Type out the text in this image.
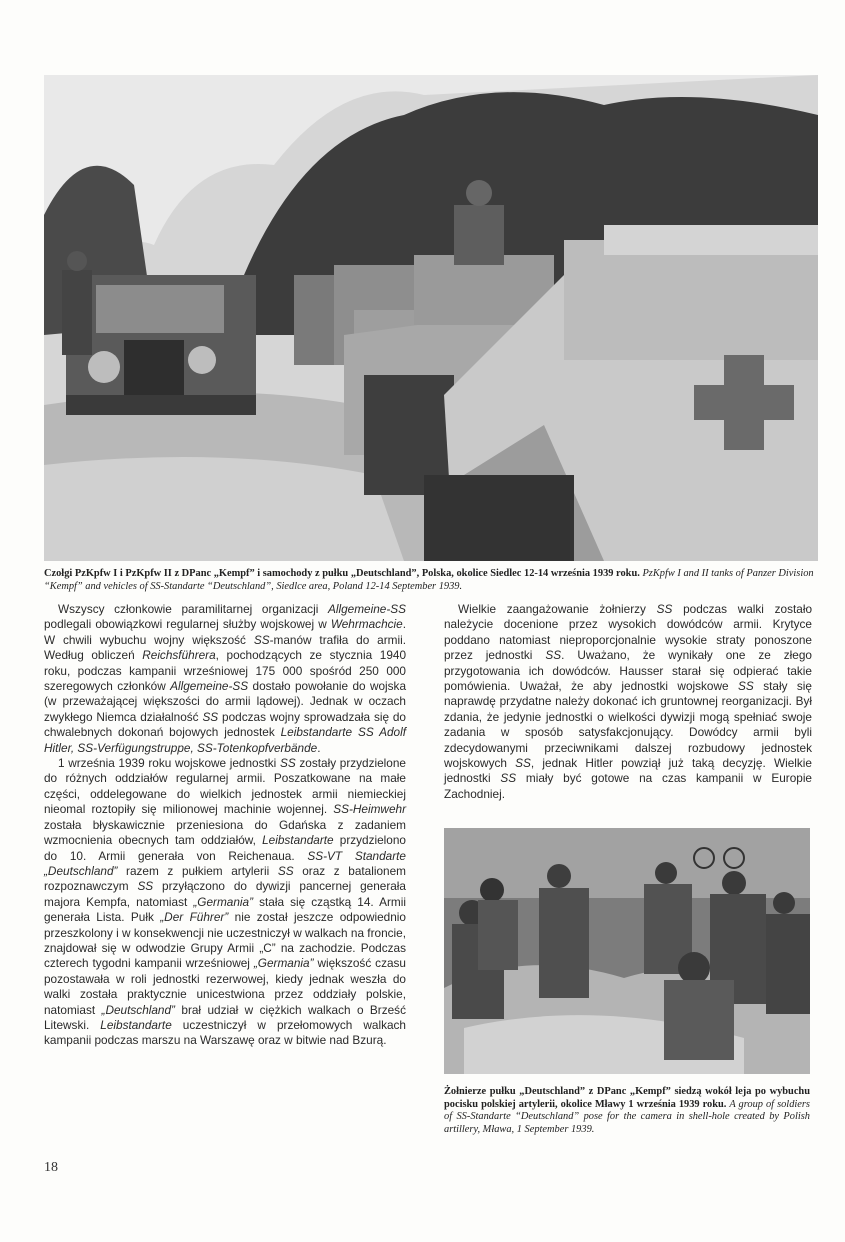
Czołgi PzKpfw I i PzKpfw II z DPanc „Kempf” i samochody z pułku „Deutschland”, Polska, okolice Siedlec 12-14 września 1939 roku. PzKpfw I and II tanks of Panzer Division “Kempf” and vehicles of SS-Standarte “Deutschland”, Siedlce area, Poland 12-14 September 1939.

Wszyscy członkowie paramilitarnej organizacji Allgemeine-SS podlegali obowiązkowi regularnej służby wojskowej w Wehrmachcie. W chwili wybuchu wojny większość SS-manów trafiła do armii. Według obliczeń Reichsführera, pochodzących ze stycznia 1940 roku, podczas kampanii wrześniowej 175 000 spośród 250 000 szeregowych członków Allgemeine-SS dostało powołanie do wojska (w przeważającej większości do armii lądowej). Jednak w oczach zwykłego Niemca działalność SS podczas wojny sprowadzała się do chwalebnych dokonań bojowych jednostek Leibstandarte SS Adolf Hitler, SS-Verfügungstruppe, SS-Totenkopfverbände.

1 września 1939 roku wojskowe jednostki SS zostały przydzielone do różnych oddziałów regularnej armii. Poszatkowane na małe części, oddelegowane do wielkich jednostek armii niemieckiej nieomal roztopiły się milionowej machinie wojennej. SS-Heimwehr została błyskawicznie przeniesiona do Gdańska z zadaniem wzmocnienia obecnych tam oddziałów, Leibstandarte przydzielono do 10. Armii generała von Reichenaua. SS-VT Standarte „Deutschland” razem z pułkiem artylerii SS oraz z batalionem rozpoznawczym SS przyłączono do dywizji pancernej generała majora Kempfa, natomiast „Germania” stała się cząstką 14. Armii generała Lista. Pułk „Der Führer” nie został jeszcze odpowiednio przeszkolony i w konsekwencji nie uczestniczył w walkach na froncie, znajdował się w odwodzie Grupy Armii „C” na zachodzie. Podczas czterech tygodni kampanii wrześniowej „Germania” większość czasu pozostawała w roli jednostki rezerwowej, kiedy jednak weszła do walki została praktycznie unicestwiona przez oddziały polskie, natomiast „Deutschland” brał udział w ciężkich walkach o Brześć Litewski. Leibstandarte uczestniczył w przełomowych walkach kampanii podczas marszu na Warszawę oraz w bitwie nad Bzurą.

Wielkie zaangażowanie żołnierzy SS podczas walki zostało należycie docenione przez wysokich dowódców armii. Krytyce poddano natomiast nieproporcjonalnie wysokie straty ponoszone przez jednostki SS. Uważano, że wynikały one ze złego przygotowania ich dowódców. Hausser starał się odpierać takie pomówienia. Uważał, że aby jednostki wojskowe SS stały się naprawdę przydatne należy dokonać ich gruntownej reorganizacji. Był zdania, że jedynie jednostki o wielkości dywizji mogą spełniać swoje zadania w sposób satysfakcjonujący. Dowódcy armii byli zdecydowanymi przeciwnikami dalszej rozbudowy jednostek wojskowych SS, jednak Hitler powziął już taką decyzję. Wielkie jednostki SS miały być gotowe na czas kampanii w Europie Zachodniej.

Żołnierze pułku „Deutschland” z DPanc „Kempf” siedzą wokół leja po wybuchu pocisku polskiej artylerii, okolice Mławy 1 września 1939 roku. A group of soldiers of SS-Standarte “Deutschland” pose for the camera in shell-hole created by Polish artillery, Mława, 1 September 1939.
18
